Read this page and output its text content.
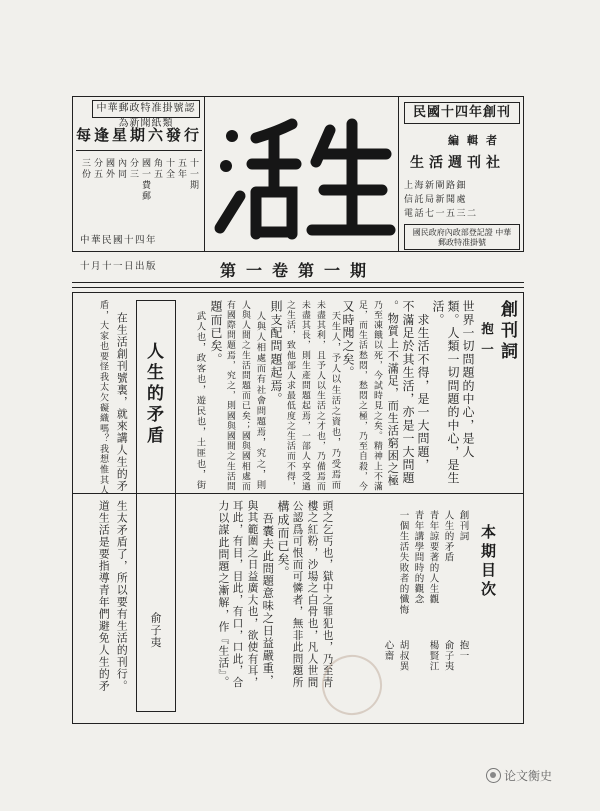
中華郵政特准掛號認為新聞紙類
每逢星期六發行
十一期
五年
十全
角五
國一費郵
分三
內同
國外
分五
三份
中華民國十四年
十月十一日出版
民國十四年創刊
編輯者
生活週刊社
上海新閘路鈿
信託局新聞處
電話七一五三二
國民政府內政部登記證 中華郵政特准掛號
第一卷第一期
創刊詞
抱一
世界一切問題的中心，是人
類。人類一切問題的中心，是生
活。
　求生活不得，是一大問題，
不滿足於其生活，亦是一大問題
。物質上不滿足，而生活窮困之極
乃至凍餓以死，今試時見之矣。精神上不滿
足，而生活愁悶，愁悶之極，乃至自殺，今
又時聞之矣。
　天生人，予人以生活之資也，乃受焉而
未盡其利，且予人以生活之才也，乃備焉而
未盡其長，則生產問題起焉，一部人享受過
之生活，致他部人求最低度之生活而不得，
則支配問題起焉。
　人與人相處而有社會問題焉，究之，則
人與人間之生活問題而已矣；國與國相處而
有國際問題焉，究之，則國與國間之生活問
題而已矣。
　武人也，政客也，遊民也，土匪也，街
頭之乞丐也，獄中之罪犯也，乃至青
樓之紅粉，沙場之白骨也，凡人世間
公認爲可恨而可憐者，無非此問題所
構成而已矣。
　吾囊夫此問題意味之日益嚴重，
與其範圍之日益廣大也，欲使有耳，
耳此，有目，目此，有口，口此，合
力以謀此問題之漸解，作『生活』。	本期目次
創刊詞
抱一
人生的矛盾
俞子夷
青年諒要著的人生觀
楊賢江
青年講學問時的觀念
一個生活失敗者的懺悔
胡叔異
心齋
人生的矛盾
俞子夷
　在生活創刊號裏，就來講人生的矛
盾，大家也要怪我太欠礙織嗎？我想惟其人
生太矛盾了，所以要有生活的刊行。
道生活是要指導青年們避免人生的矛
论文衡史
